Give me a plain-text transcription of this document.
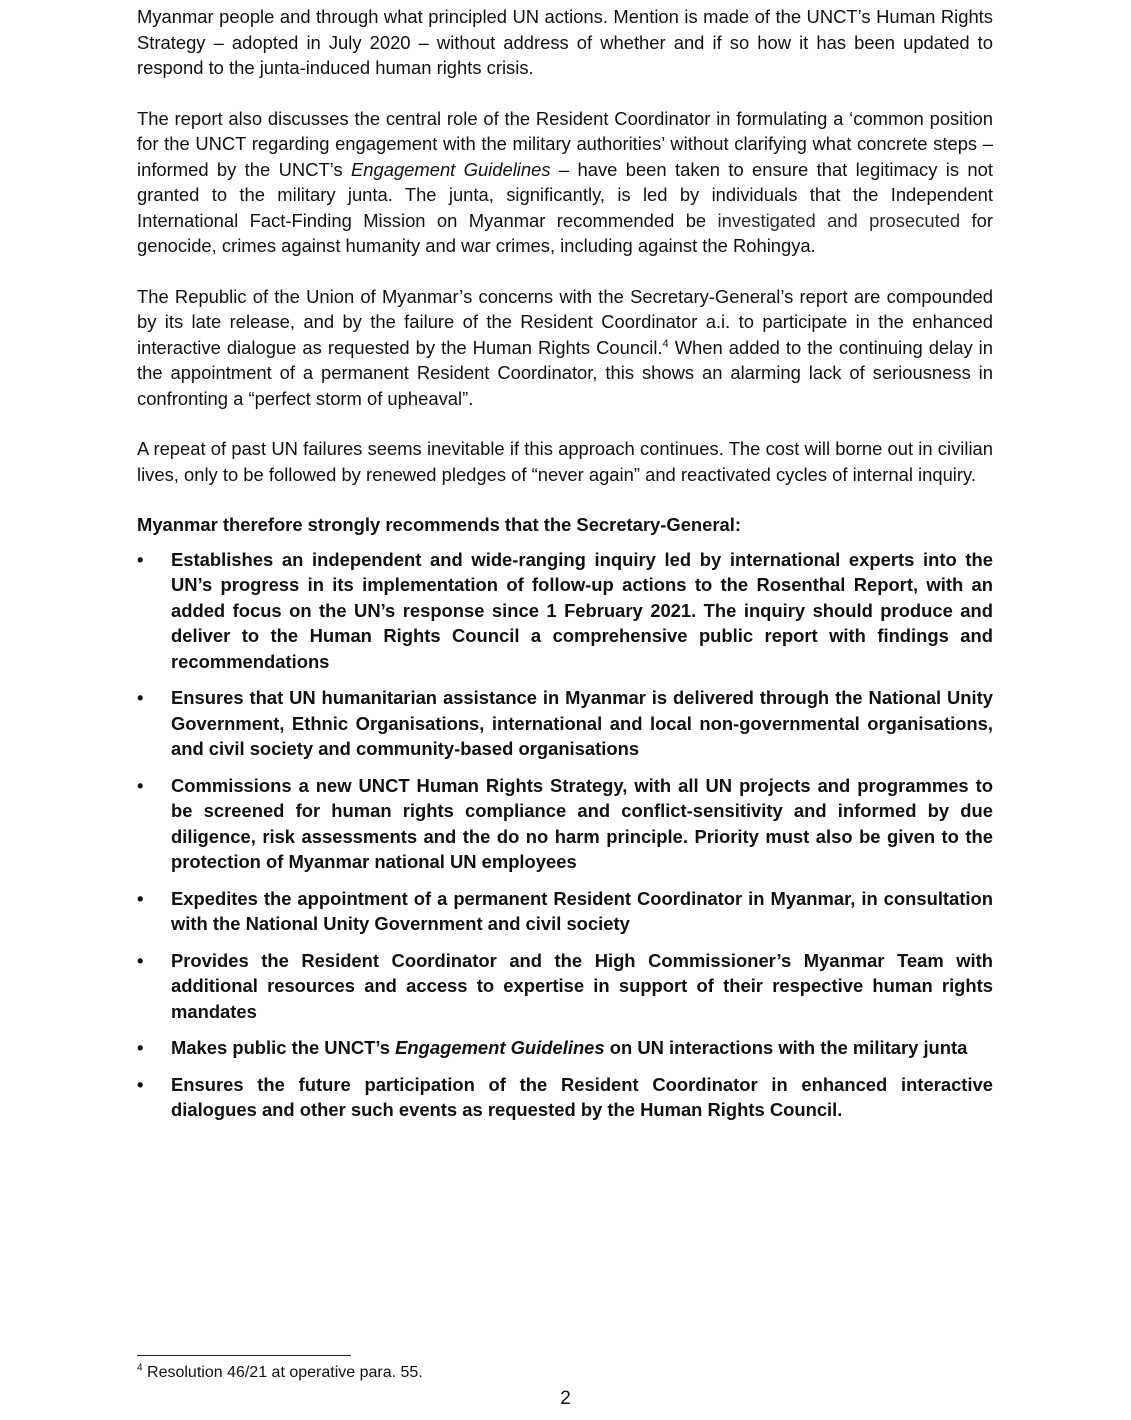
Myanmar people and through what principled UN actions. Mention is made of the UNCT’s Human Rights Strategy – adopted in July 2020 – without address of whether and if so how it has been updated to respond to the junta-induced human rights crisis.

The report also discusses the central role of the Resident Coordinator in formulating a ‘common position for the UNCT regarding engagement with the military authorities’ without clarifying what concrete steps – informed by the UNCT’s Engagement Guidelines – have been taken to ensure that legitimacy is not granted to the military junta. The junta, significantly, is led by individuals that the Independent International Fact-Finding Mission on Myanmar recommended be investigated and prosecuted for genocide, crimes against humanity and war crimes, including against the Rohingya.

The Republic of the Union of Myanmar’s concerns with the Secretary-General’s report are compounded by its late release, and by the failure of the Resident Coordinator a.i. to participate in the enhanced interactive dialogue as requested by the Human Rights Council.$^4$ When added to the continuing delay in the appointment of a permanent Resident Coordinator, this shows an alarming lack of seriousness in confronting a “perfect storm of upheaval”.

A repeat of past UN failures seems inevitable if this approach continues. The cost will borne out in civilian lives, only to be followed by renewed pledges of “never again” and reactivated cycles of internal inquiry.

Myanmar therefore strongly recommends that the Secretary-General:
• Establishes an independent and wide-ranging inquiry led by international experts into the UN’s progress in its implementation of follow-up actions to the Rosenthal Report, with an added focus on the UN’s response since 1 February 2021. The inquiry should produce and deliver to the Human Rights Council a comprehensive public report with findings and recommendations
• Ensures that UN humanitarian assistance in Myanmar is delivered through the National Unity Government, Ethnic Organisations, international and local non-governmental organisations, and civil society and community-based organisations
• Commissions a new UNCT Human Rights Strategy, with all UN projects and programmes to be screened for human rights compliance and conflict-sensitivity and informed by due diligence, risk assessments and the do no harm principle. Priority must also be given to the protection of Myanmar national UN employees
• Expedites the appointment of a permanent Resident Coordinator in Myanmar, in consultation with the National Unity Government and civil society
• Provides the Resident Coordinator and the High Commissioner’s Myanmar Team with additional resources and access to expertise in support of their respective human rights mandates
• Makes public the UNCT’s Engagement Guidelines on UN interactions with the military junta
• Ensures the future participation of the Resident Coordinator in enhanced interactive dialogues and other such events as requested by the Human Rights Council.
$^4$ Resolution 46/21 at operative para. 55.
2
